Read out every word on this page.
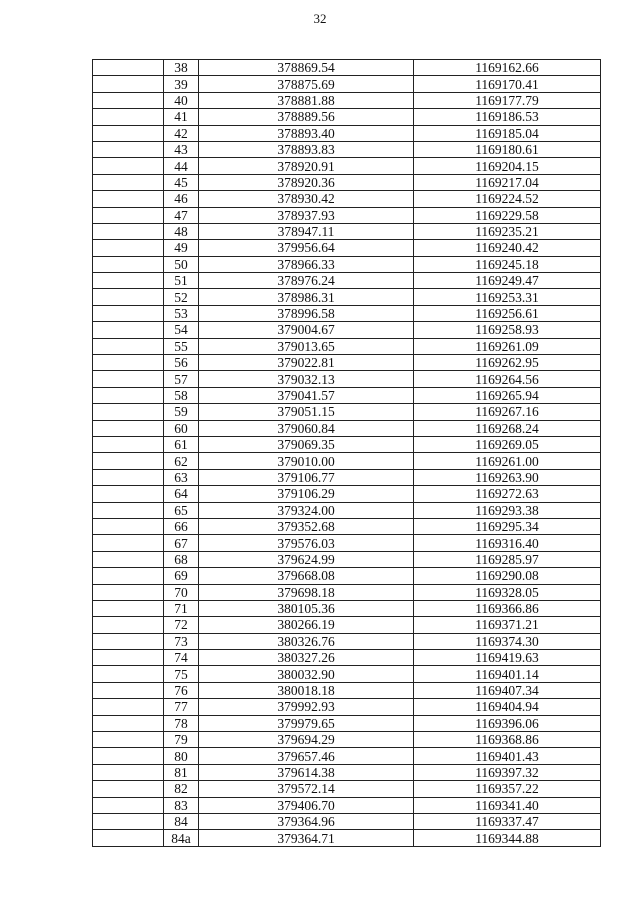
32
	38	378869.54	1169162.66
	39	378875.69	1169170.41
	40	378881.88	1169177.79
	41	378889.56	1169186.53
	42	378893.40	1169185.04
	43	378893.83	1169180.61
	44	378920.91	1169204.15
	45	378920.36	1169217.04
	46	378930.42	1169224.52
	47	378937.93	1169229.58
	48	378947.11	1169235.21
	49	379956.64	1169240.42
	50	378966.33	1169245.18
	51	378976.24	1169249.47
	52	378986.31	1169253.31
	53	378996.58	1169256.61
	54	379004.67	1169258.93
	55	379013.65	1169261.09
	56	379022.81	1169262.95
	57	379032.13	1169264.56
	58	379041.57	1169265.94
	59	379051.15	1169267.16
	60	379060.84	1169268.24
	61	379069.35	1169269.05
	62	379010.00	1169261.00
	63	379106.77	1169263.90
	64	379106.29	1169272.63
	65	379324.00	1169293.38
	66	379352.68	1169295.34
	67	379576.03	1169316.40
	68	379624.99	1169285.97
	69	379668.08	1169290.08
	70	379698.18	1169328.05
	71	380105.36	1169366.86
	72	380266.19	1169371.21
	73	380326.76	1169374.30
	74	380327.26	1169419.63
	75	380032.90	1169401.14
	76	380018.18	1169407.34
	77	379992.93	1169404.94
	78	379979.65	1169396.06
	79	379694.29	1169368.86
	80	379657.46	1169401.43
	81	379614.38	1169397.32
	82	379572.14	1169357.22
	83	379406.70	1169341.40
	84	379364.96	1169337.47
	84a	379364.71	1169344.88
